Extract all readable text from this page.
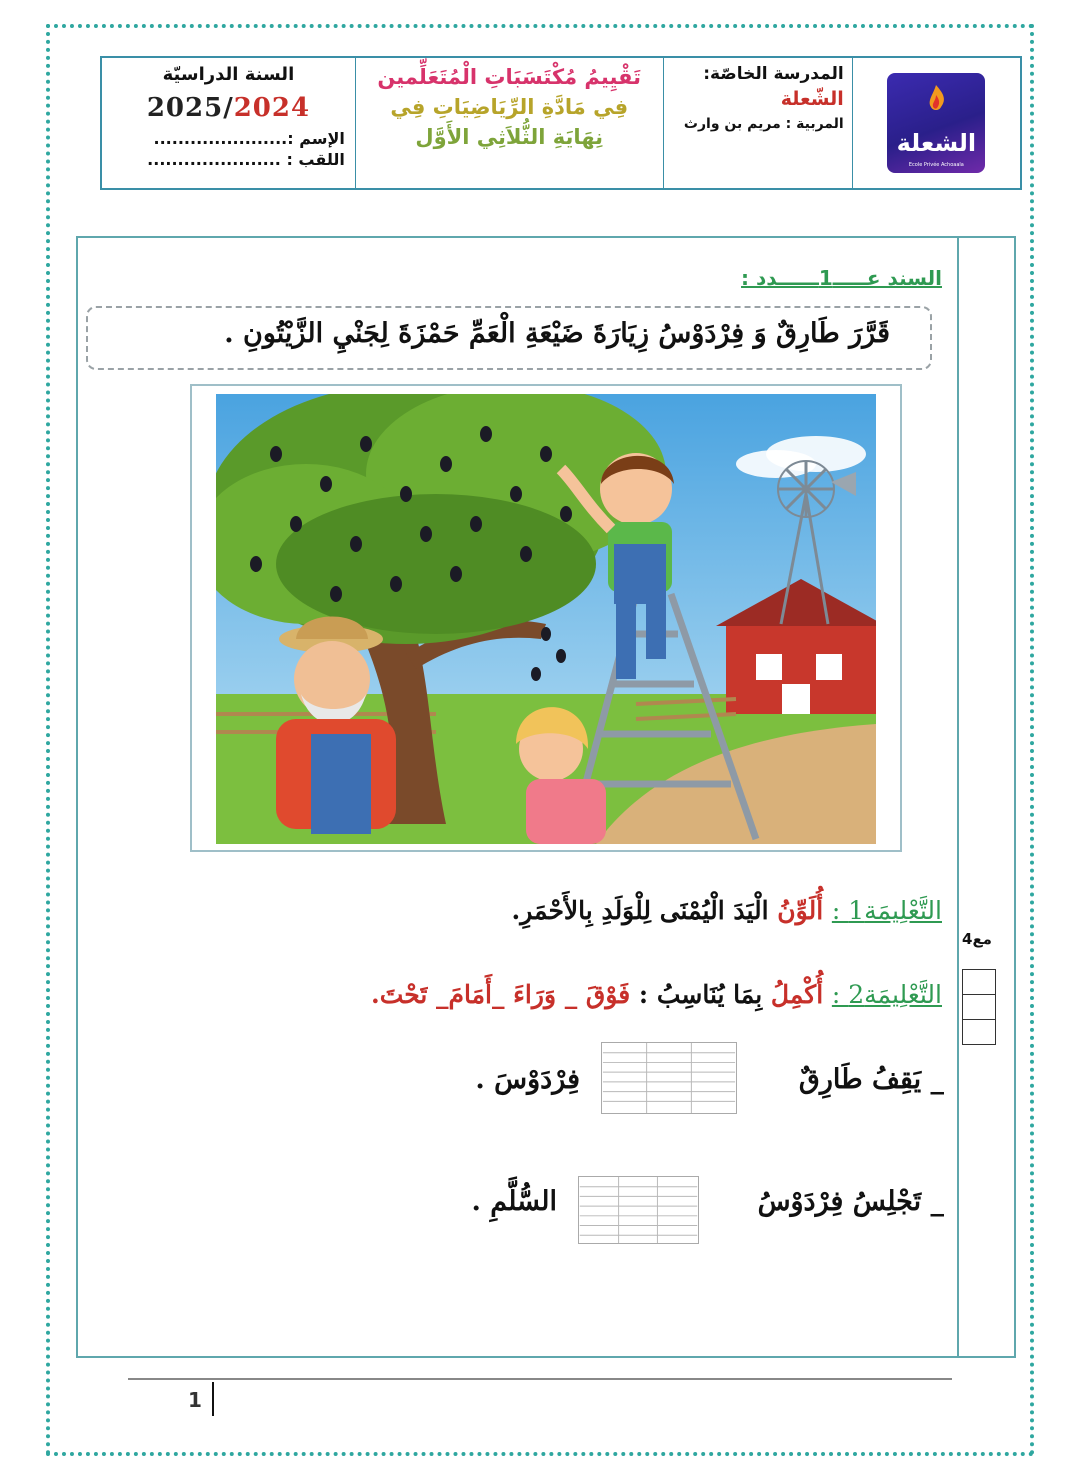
السنة الدراسيّة
2025/2024
الإسم :......................
اللقب : ......................
تَقْيِيمُ مُكْتَسَبَاتِ الْمُتَعَلِّمين
فِي مَادَّةِ الرِّيَاضِيَاتِ فِي
نِهَايَةِ الثُّلاَثِي الأَوَّل
المدرسة الخاصّة:
الشّعلة
المربية : مريم بن وارث
الشعلة
Ecole Privée Achoaala
السند عـــــ1ــــــدد :
قَرَّرَ طَارِقٌ وَ فِرْدَوْسُ زِيَارَةَ ضَيْعَةِ الْعَمِّ حَمْزَةَ لِجَنْيِ الزَّيْتُونِ .
التَّعْلِيمَة1 : أُلَوِّنُ الْيَدَ الْيُمْنَى لِلْوَلَدِ بِالأَحْمَرِ.
مع4
التَّعْلِيمَة2 : أُكْمِلُ بِمَا يُنَاسِبُ : فَوْقَ _ وَرَاءَ _أَمَامَ_ تَحْتَ.
_ يَقِفُ طَارِقٌ
فِرْدَوْسَ .
_ تَجْلِسُ فِرْدَوْسُ
السُّلَّمِ .
1
